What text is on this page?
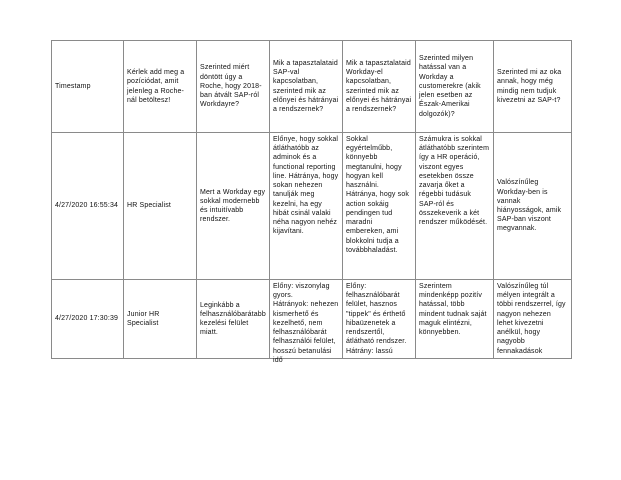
Timestamp	Kérlek add meg a pozíciódat, amit jelenleg a Roche-nál betöltesz!	Szerinted miért döntött úgy a Roche, hogy 2018-ban átvált SAP-ról Workdayre?	Mik a tapasztalataid SAP-val kapcsolatban, szerinted mik az előnyei és hátrányai a rendszernek?	Mik a tapasztalataid Workday-el kapcsolatban, szerinted mik az előnyei és hátrányai a rendszernek?	Szerinted milyen hatással van a Workday a customerekre (akik jelen esetben az Észak-Amerikai dolgozók)?	Szerinted mi az oka annak, hogy még mindig nem tudjuk kivezetni az SAP-t?

4/27/2020 16:55:34	HR Specialist	Mert a Workday egy sokkal modernebb és intuitívabb rendszer.	Előnye, hogy sokkal átláthatóbb az adminok és a functional reporting line. Hátránya, hogy sokan nehezen tanulják meg kezelni, ha egy hibát csinál valaki néha nagyon nehéz kijavítani.	Sokkal egyértelműbb, könnyebb megtanulni, hogy hogyan kell használni. Hátránya, hogy sok action sokáig pendingen tud maradni embereken, ami blokkolni tudja a továbbhaladást.	Számukra is sokkal átláthatóbb szerintem így a HR operáció, viszont egyes esetekben össze zavarja őket a régebbi tudásuk SAP-ról és összekeverik a két rendszer működését.	Valószínűleg Workday-ben is vannak hiányosságok, amik SAP-ban viszont megvannak.

4/27/2020 17:30:39	Junior HR Specialist	Leginkább a felhasználóbarátabb kezelési felület miatt.	Előny: viszonylag gyors.
Hátrányok: nehezen kismerhető és kezelhető, nem felhasználóbarát felhasználói felület, hosszú betanulási idő	Előny: felhasználóbarát felület, hasznos "tippek" és érthető hibaüzenetek a rendszertől, átlátható rendszer.
Hátrány: lassú	Szerintem mindenképp pozitív hatással, több mindent tudnak saját maguk elintézni, könnyebben.	Valószínűleg túl mélyen integrált a többi rendszerrel, így nagyon nehezen lehet kivezetni anélkül, hogy nagyobb fennakadások
